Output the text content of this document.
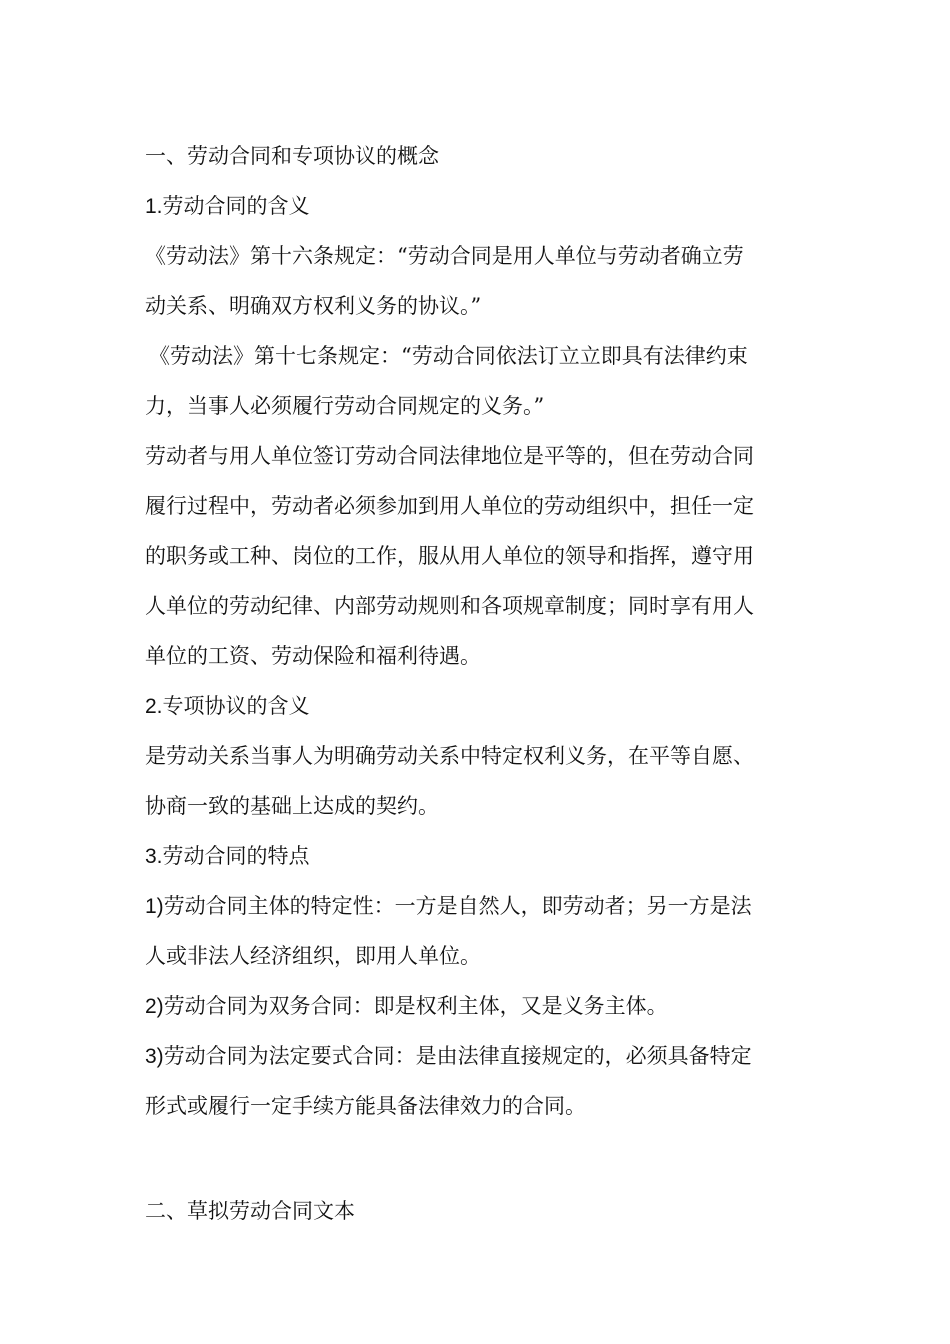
一、劳动合同和专项协议的概念

1.劳动合同的含义

《劳动法》第十六条规定：“劳动合同是用人单位与劳动者确立劳

动关系、明确双方权利义务的协议。”

《劳动法》第十七条规定：“劳动合同依法订立立即具有法律约束

力，当事人必须履行劳动合同规定的义务。”

劳动者与用人单位签订劳动合同法律地位是平等的，但在劳动合同

履行过程中，劳动者必须参加到用人单位的劳动组织中，担任一定

的职务或工种、岗位的工作，服从用人单位的领导和指挥，遵守用

人单位的劳动纪律、内部劳动规则和各项规章制度；同时享有用人

单位的工资、劳动保险和福利待遇。

2.专项协议的含义

是劳动关系当事人为明确劳动关系中特定权利义务，在平等自愿、

协商一致的基础上达成的契约。

3.劳动合同的特点

1)劳动合同主体的特定性：一方是自然人，即劳动者；另一方是法

人或非法人经济组织，即用人单位。

2)劳动合同为双务合同：即是权利主体，又是义务主体。

3)劳动合同为法定要式合同：是由法律直接规定的，必须具备特定

形式或履行一定手续方能具备法律效力的合同。

二、草拟劳动合同文本
